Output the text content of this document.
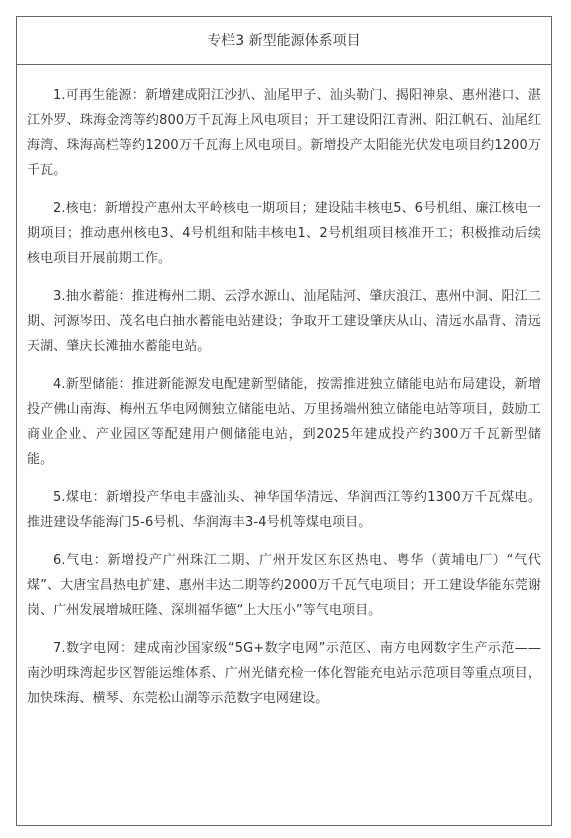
专栏3 新型能源体系项目

1.可再生能源：新增建成阳江沙扒、汕尾甲子、汕头勒门、揭阳神泉、惠州港口、湛江外罗、珠海金湾等约800万千瓦海上风电项目；开工建设阳江青洲、阳江帆石、汕尾红海湾、珠海高栏等约1200万千瓦海上风电项目。新增投产太阳能光伏发电项目约1200万千瓦。

2.核电：新增投产惠州太平岭核电一期项目；建设陆丰核电5、6号机组、廉江核电一期项目；推动惠州核电3、4号机组和陆丰核电1、2号机组项目核准开工；积极推动后续核电项目开展前期工作。

3.抽水蓄能：推进梅州二期、云浮水源山、汕尾陆河、肇庆浪江、惠州中洞、阳江二期、河源岑田、茂名电白抽水蓄能电站建设；争取开工建设肇庆从山、清远水晶背、清远天湖、肇庆长滩抽水蓄能电站。

4.新型储能：推进新能源发电配建新型储能，按需推进独立储能电站布局建设，新增投产佛山南海、梅州五华电网侧独立储能电站、万里扬端州独立储能电站等项目，鼓励工商业企业、产业园区等配建用户侧储能电站，到2025年建成投产约300万千瓦新型储能。

5.煤电：新增投产华电丰盛汕头、神华国华清远、华润西江等约1300万千瓦煤电。推进建设华能海门5-6号机、华润海丰3-4号机等煤电项目。

6.气电：新增投产广州珠江二期、广州开发区东区热电、粤华（黄埔电厂）“气代煤”、大唐宝昌热电扩建、惠州丰达二期等约2000万千瓦气电项目；开工建设华能东莞谢岗、广州发展增城旺隆、深圳福华德“上大压小”等气电项目。

7.数字电网：建成南沙国家级“5G+数字电网”示范区、南方电网数字生产示范——南沙明珠湾起步区智能运维体系、广州光储充检一体化智能充电站示范项目等重点项目，加快珠海、横琴、东莞松山湖等示范数字电网建设。
